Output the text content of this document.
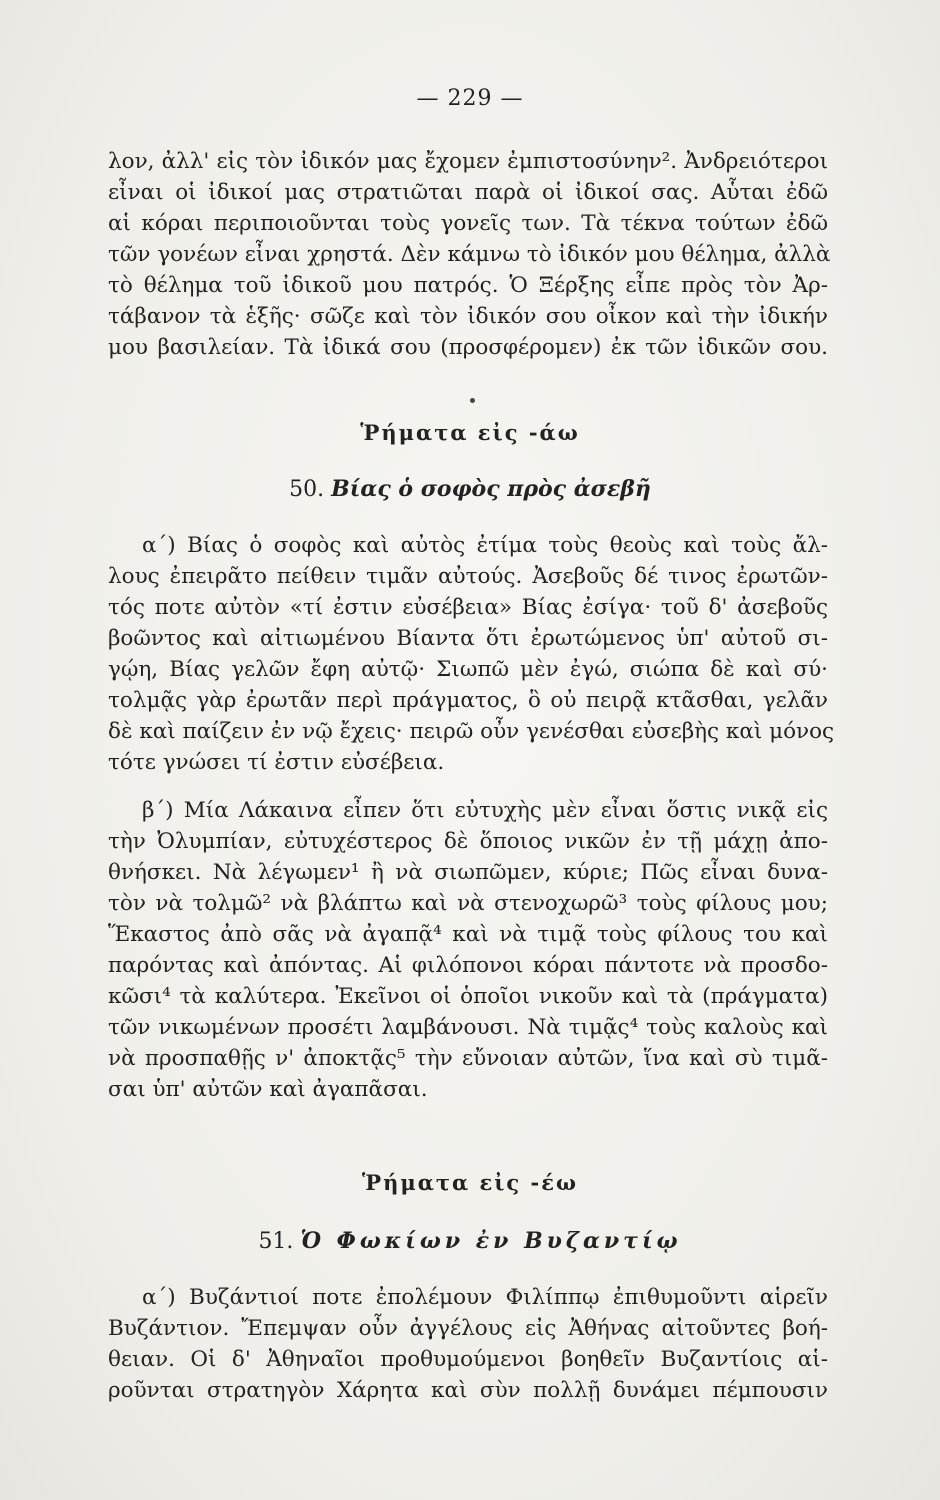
— 229 —
λον, ἀλλ' εἰς τὸν ἰδικόν μας ἔχομεν ἐμπιστοσύνην². Ἀνδρειότεροι
εἶναι οἱ ἰδικοί μας στρατιῶται παρὰ οἱ ἰδικοί σας. Αὗται ἐδῶ
αἱ κόραι περιποιοῦνται τοὺς γονεῖς των. Τὰ τέκνα τούτων ἐδῶ
τῶν γονέων εἶναι χρηστά. Δὲν κάμνω τὸ ἰδικόν μου θέλημα, ἀλλὰ
τὸ θέλημα τοῦ ἰδικοῦ μου πατρός. Ὁ Ξέρξης εἶπε πρὸς τὸν Ἀρ-
τάβανον τὰ ἑξῆς· σῶζε καὶ τὸν ἰδικόν σου οἶκον καὶ τὴν ἰδικήν
μου βασιλείαν. Τὰ ἰδικά σου (προσφέρομεν) ἐκ τῶν ἰδικῶν σου.
Ῥήματα εἰς -άω
50. Βίας ὁ σοφὸς πρὸς ἀσεβῆ
α´) Βίας ὁ σοφὸς καὶ αὐτὸς ἐτίμα τοὺς θεοὺς καὶ τοὺς ἄλ-
λους ἐπειρᾶτο πείθειν τιμᾶν αὐτούς. Ἀσεβοῦς δέ τινος ἐρωτῶν-
τός ποτε αὐτὸν «τί ἐστιν εὐσέβεια» Βίας ἐσίγα· τοῦ δ' ἀσεβοῦς
βοῶντος καὶ αἰτιωμένου Βίαντα ὅτι ἐρωτώμενος ὑπ' αὐτοῦ σι-
γῴη, Βίας γελῶν ἔφη αὐτῷ· Σιωπῶ μὲν ἐγώ, σιώπα δὲ καὶ σύ·
τολμᾷς γὰρ ἐρωτᾶν περὶ πράγματος, ὃ οὐ πειρᾷ κτᾶσθαι, γελᾶν
δὲ καὶ παίζειν ἐν νῷ ἔχεις· πειρῶ οὖν γενέσθαι εὐσεβὴς καὶ μόνος
τότε γνώσει τί ἐστιν εὐσέβεια.
β´) Μία Λάκαινα εἶπεν ὅτι εὐτυχὴς μὲν εἶναι ὅστις νικᾷ εἰς
τὴν Ὀλυμπίαν, εὐτυχέστερος δὲ ὅποιος νικῶν ἐν τῇ μάχῃ ἀπο-
θνήσκει. Νὰ λέγωμεν¹ ἢ νὰ σιωπῶμεν, κύριε; Πῶς εἶναι δυνα-
τὸν νὰ τολμῶ² νὰ βλάπτω καὶ νὰ στενοχωρῶ³ τοὺς φίλους μου;
Ἕκαστος ἀπὸ σᾶς νὰ ἀγαπᾷ⁴ καὶ νὰ τιμᾷ τοὺς φίλους του καὶ
παρόντας καὶ ἀπόντας. Αἱ φιλόπονοι κόραι πάντοτε νὰ προσδο-
κῶσι⁴ τὰ καλύτερα. Ἐκεῖνοι οἱ ὁποῖοι νικοῦν καὶ τὰ (πράγματα)
τῶν νικωμένων προσέτι λαμβάνουσι. Νὰ τιμᾷς⁴ τοὺς καλοὺς καὶ
νὰ προσπαθῇς ν' ἀποκτᾷς⁵ τὴν εὔνοιαν αὐτῶν, ἵνα καὶ σὺ τιμᾶ-
σαι ὑπ' αὐτῶν καὶ ἀγαπᾶσαι.
Ῥήματα εἰς -έω
51. Ὁ Φωκίων ἐν Βυζαντίῳ
α´) Βυζάντιοί ποτε ἐπολέμουν Φιλίππῳ ἐπιθυμοῦντι αἱρεῖν
Βυζάντιον. Ἔπεμψαν οὖν ἀγγέλους εἰς Ἀθήνας αἰτοῦντες βοή-
θειαν. Οἱ δ' Ἀθηναῖοι προθυμούμενοι βοηθεῖν Βυζαντίοις αἱ-
ροῦνται στρατηγὸν Χάρητα καὶ σὺν πολλῇ δυνάμει πέμπουσιν
